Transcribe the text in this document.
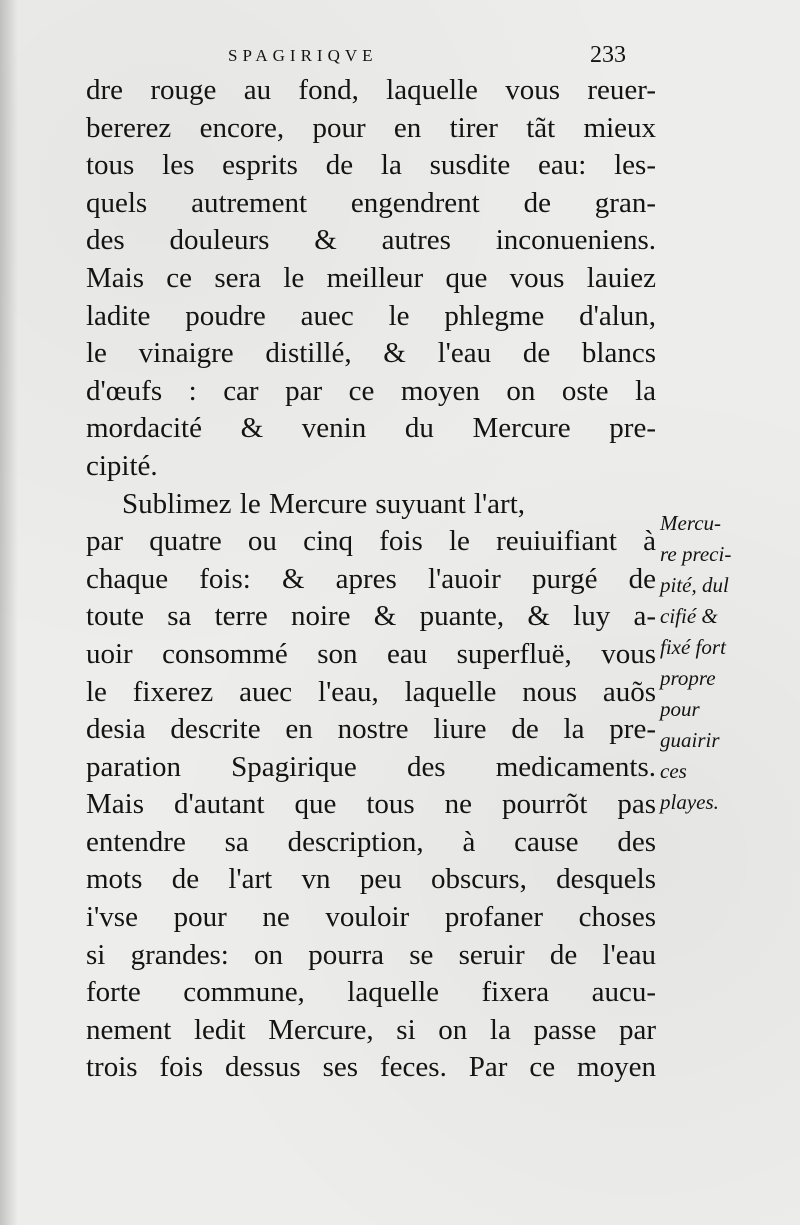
SPAGIRIQVE	233
dre rouge au fond, laquelle vous reuer-
bererez encore, pour en tirer tãt mieux
tous les esprits de la susdite eau: les-
quels autrement engendrent de gran-
des douleurs & autres inconueniens.
Mais ce sera le meilleur que vous lauiez
ladite poudre auec le phlegme d'alun,
le vinaigre distillé, & l'eau de blancs
d'œufs : car par ce moyen on oste la
mordacité & venin du Mercure pre-
cipité.
Sublimez le Mercure suyuant l'art,
par quatre ou cinq fois le reuiuifiant à
chaque fois: & apres l'auoir purgé de
toute sa terre noire & puante, & luy a-
uoir consommé son eau superfluë, vous
le fixerez auec l'eau, laquelle nous auõs
desia descrite en nostre liure de la pre-
paration Spagirique des medicaments.
Mais d'autant que tous ne pourrõt pas
entendre sa description, à cause des
mots de l'art vn peu obscurs, desquels
i'vse pour ne vouloir profaner choses
si grandes: on pourra se seruir de l'eau
forte commune, laquelle fixera aucu-
nement ledit Mercure, si on la passe par
trois fois dessus ses feces. Par ce moyen
Mercu-
re preci-
pité, dul
cifié &
fixé fort
propre
pour
guairir
ces
playes.
